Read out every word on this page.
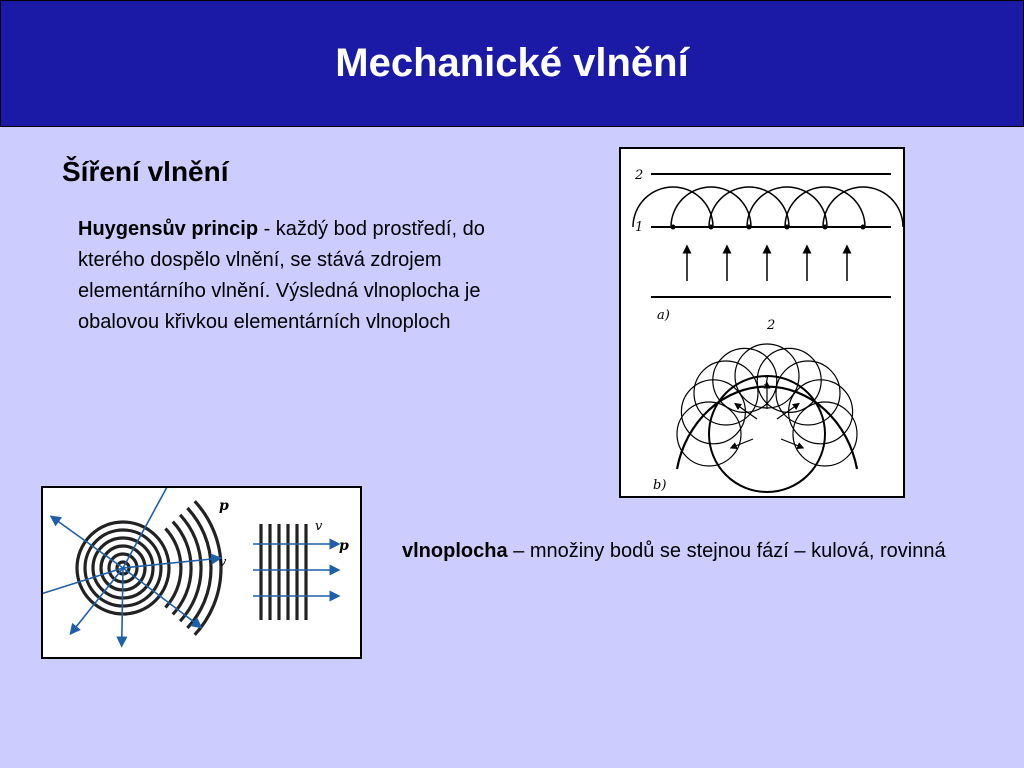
Mechanické vlnění
Šíření vlnění
Huygensův princip - každý bod prostředí, do kterého dospělo vlnění, se stává zdrojem elementárního vlnění. Výsledná vlnoplocha je obalovou křivkou elementárních vlnoploch
2
1
a)
2
1
b)
p
v
v
p	vlnoplocha – množiny bodů se stejnou fází – kulová, rovinná
